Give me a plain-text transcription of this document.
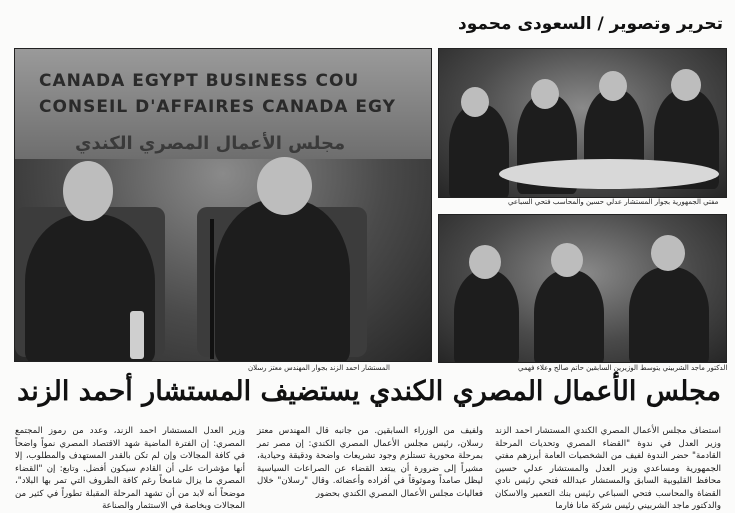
تحرير وتصوير / السعودى محمود
CANADA EGYPT BUSINESS COU
CONSEIL D'AFFAIRES CANADA EGY
مجلس الأعمال المصري الكندي
المستشار احمد الزند بجوار المهندس معتز رسلان
مفتي الجمهورية بجوار المستشار عدلي حسين والمحاسب فتحي السباعي
الدكتور ماجد الشربيني يتوسط الوزيرين السابقين حاتم صالح وعلاء فهمي
مجلس الأعمال المصري الكندي يستضيف المستشار أحمد الزند

استضاف مجلس الأعمال المصري الكندي المستشار احمد الزند وزير العدل في ندوة "القضاء المصري وتحديات المرحلة القادمة" حضر الندوة لفيف من الشخصيات العامة أبرزهم مفتي الجمهورية ومساعدي وزير العدل والمستشار عدلي حسين محافظ القليوبية السابق والمستشار عبدالله فتحي رئيس نادي القضاة والمحاسب فتحي السباعي رئيس بنك التعمير والاسكان والدكتور ماجد الشربيني رئيس شركة مانا فارما

ولفيف من الوزراء السابقين. من جانبه قال المهندس معتز رسلان، رئيس مجلس الأعمال المصري الكندي: إن مصر تمر بمرحلة محورية تستلزم وجود تشريعات واضحة ودقيقة وحيادية، مشيراً إلى ضرورة أن يبتعد القضاء عن الصراعات السياسية ليظل صامداً وموثوقاً في أفراده وأعضائه. وقال "رسلان" خلال فعاليات مجلس الأعمال المصري الكندي بحضور

وزير العدل المستشار احمد الزند، وعدد من رموز المجتمع المصري: إن الفترة الماضية شهد الاقتصاد المصري نمواً واضحاً في كافة المجالات وإن لم تكن بالقدر المستهدف والمطلوب، إلا أنها مؤشرات على أن القادم سيكون أفضل. وتابع: إن "القضاء المصري ما يزال شامخاً رغم كافة الظروف التي تمر بها البلاد"، موضحاً أنه لابد من أن تشهد المرحلة المقبلة تطوراً في كثير من المجالات وبخاصة في الاستثمار والصناعة
